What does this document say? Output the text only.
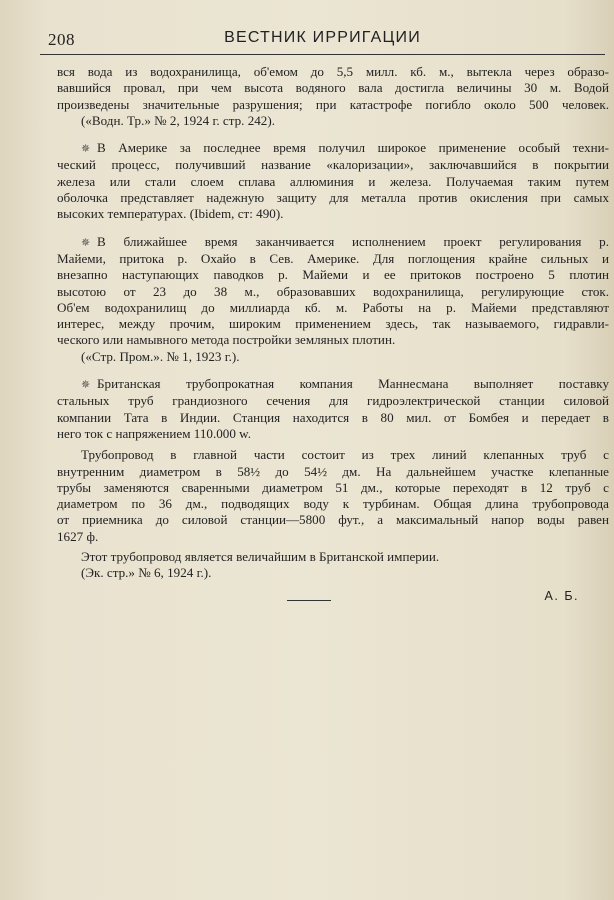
208	ВЕСТНИК ИРРИГАЦИИ
вся вода из водохранилища, об'емом до 5,5 милл. кб. м., вытекла через образо-
вавшийся провал, при чем высота водяного вала достигла величины 30 м. Водой
произведены значительные разрушения; при катастрофе погибло около 500 человек.
(«Водн. Тр.» № 2, 1924 г. стр. 242).
✵ В Америке за последнее время получил широкое применение особый техни-
ческий процесс, получивший название «калоризации», заключавшийся в покрытии
железа или стали слоем сплава аллюминия и железа. Получаемая таким путем
оболочка представляет надежную защиту для металла против окисления при самых
высоких температурах. (Ibidem, ст: 490).
✵ В ближайшее время заканчивается исполнением проект регулирования р.
Майеми, притока р. Охайо в Сев. Америке. Для поглощения крайне сильных и
внезапно наступающих паводков р. Майеми и ее притоков построено 5 плотин
высотою от 23 до 38 м., образовавших водохранилища, регулирующие сток.
Об'ем водохранилищ до миллиарда кб. м. Работы на р. Майеми представляют
интерес, между прочим, широким применением здесь, так называемого, гидравли-
ческого или намывного метода постройки земляных плотин.
(«Стр. Пром.». № 1, 1923 г.).
✵ Британская трубопрокатная компания Маннесмана выполняет поставку
стальных труб грандиозного сечения для гидроэлектрической станции силовой
компании Тата в Индии. Станция находится в 80 мил. от Бомбея и передает в
него ток с напряжением 110.000 w.
Трубопровод в главной части состоит из трех линий клепанных труб с
внутренним диаметром в 58½ до 54½ дм. На дальнейшем участке клепанные
трубы заменяются сваренными диаметром 51 дм., которые переходят в 12 труб с
диаметром по 36 дм., подводящих воду к турбинам. Общая длина трубопровода
от приемника до силовой станции—5800 фут., а максимальный напор воды равен
1627 ф.
Этот трубопровод является величайшим в Британской империи.
(Эк. стр.» № 6, 1924 г.).
А. Б.
